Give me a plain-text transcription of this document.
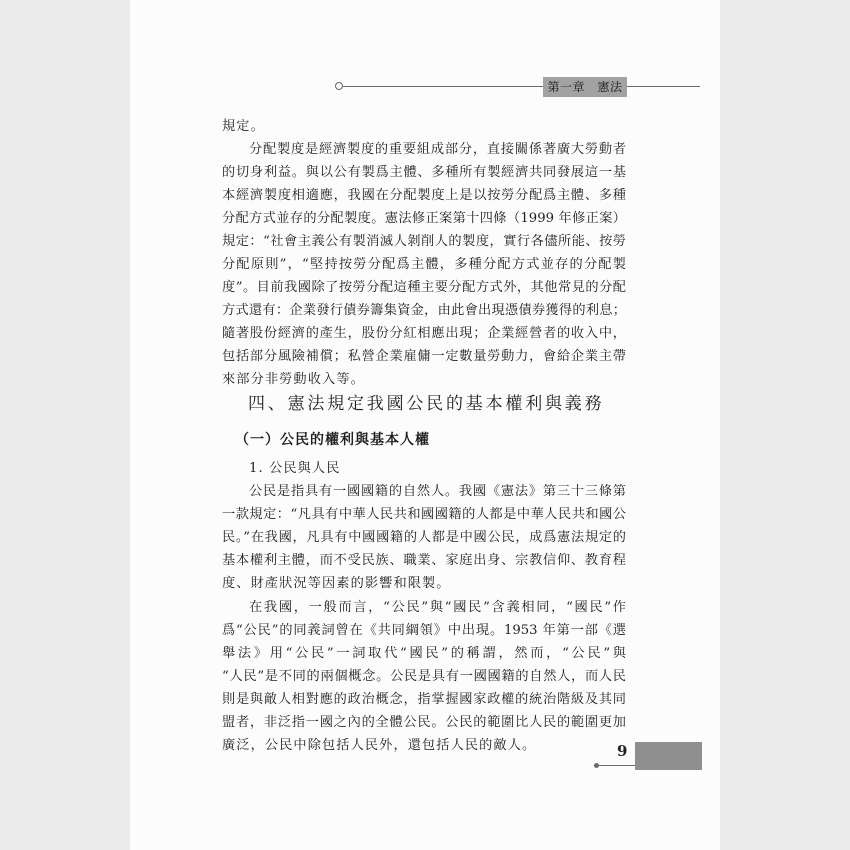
第一章　憲法
規定。
分配製度是經濟製度的重要組成部分，直接關係著廣大勞動者
的切身利益。與以公有製爲主體、多種所有製經濟共同發展這一基
本經濟製度相適應，我國在分配製度上是以按勞分配爲主體、多種
分配方式並存的分配製度。憲法修正案第十四條（1999 年修正案）
規定：“社會主義公有製消滅人剝削人的製度，實行各儘所能、按勞
分配原則”，“堅持按勞分配爲主體，多種分配方式並存的分配製
度”。目前我國除了按勞分配這種主要分配方式外，其他常見的分配
方式還有：企業發行債券籌集資金，由此會出現憑債券獲得的利息；
隨著股份經濟的產生，股份分紅相應出現；企業經營者的收入中，
包括部分風險補償；私營企業雇傭一定數量勞動力，會給企業主帶
來部分非勞動收入等。
四、憲法規定我國公民的基本權利與義務
（一）公民的權利與基本人權
1. 公民與人民
公民是指具有一國國籍的自然人。我國《憲法》第三十三條第
一款規定：“凡具有中華人民共和國國籍的人都是中華人民共和國公
民。”在我國，凡具有中國國籍的人都是中國公民，成爲憲法規定的
基本權利主體，而不受民族、職業、家庭出身、宗教信仰、教育程
度、財產狀況等因素的影響和限製。
在我國，一般而言，“公民”與“國民”含義相同，“國民”作
爲“公民”的同義詞曾在《共同綱領》中出現。1953 年第一部《選
舉法》用“公民”一詞取代“國民”的稱謂，然而，“公民”與
“人民”是不同的兩個概念。公民是具有一國國籍的自然人，而人民
則是與敵人相對應的政治概念，指掌握國家政權的統治階級及其同
盟者，非泛指一國之內的全體公民。公民的範圍比人民的範圍更加
廣泛，公民中除包括人民外，還包括人民的敵人。	9
